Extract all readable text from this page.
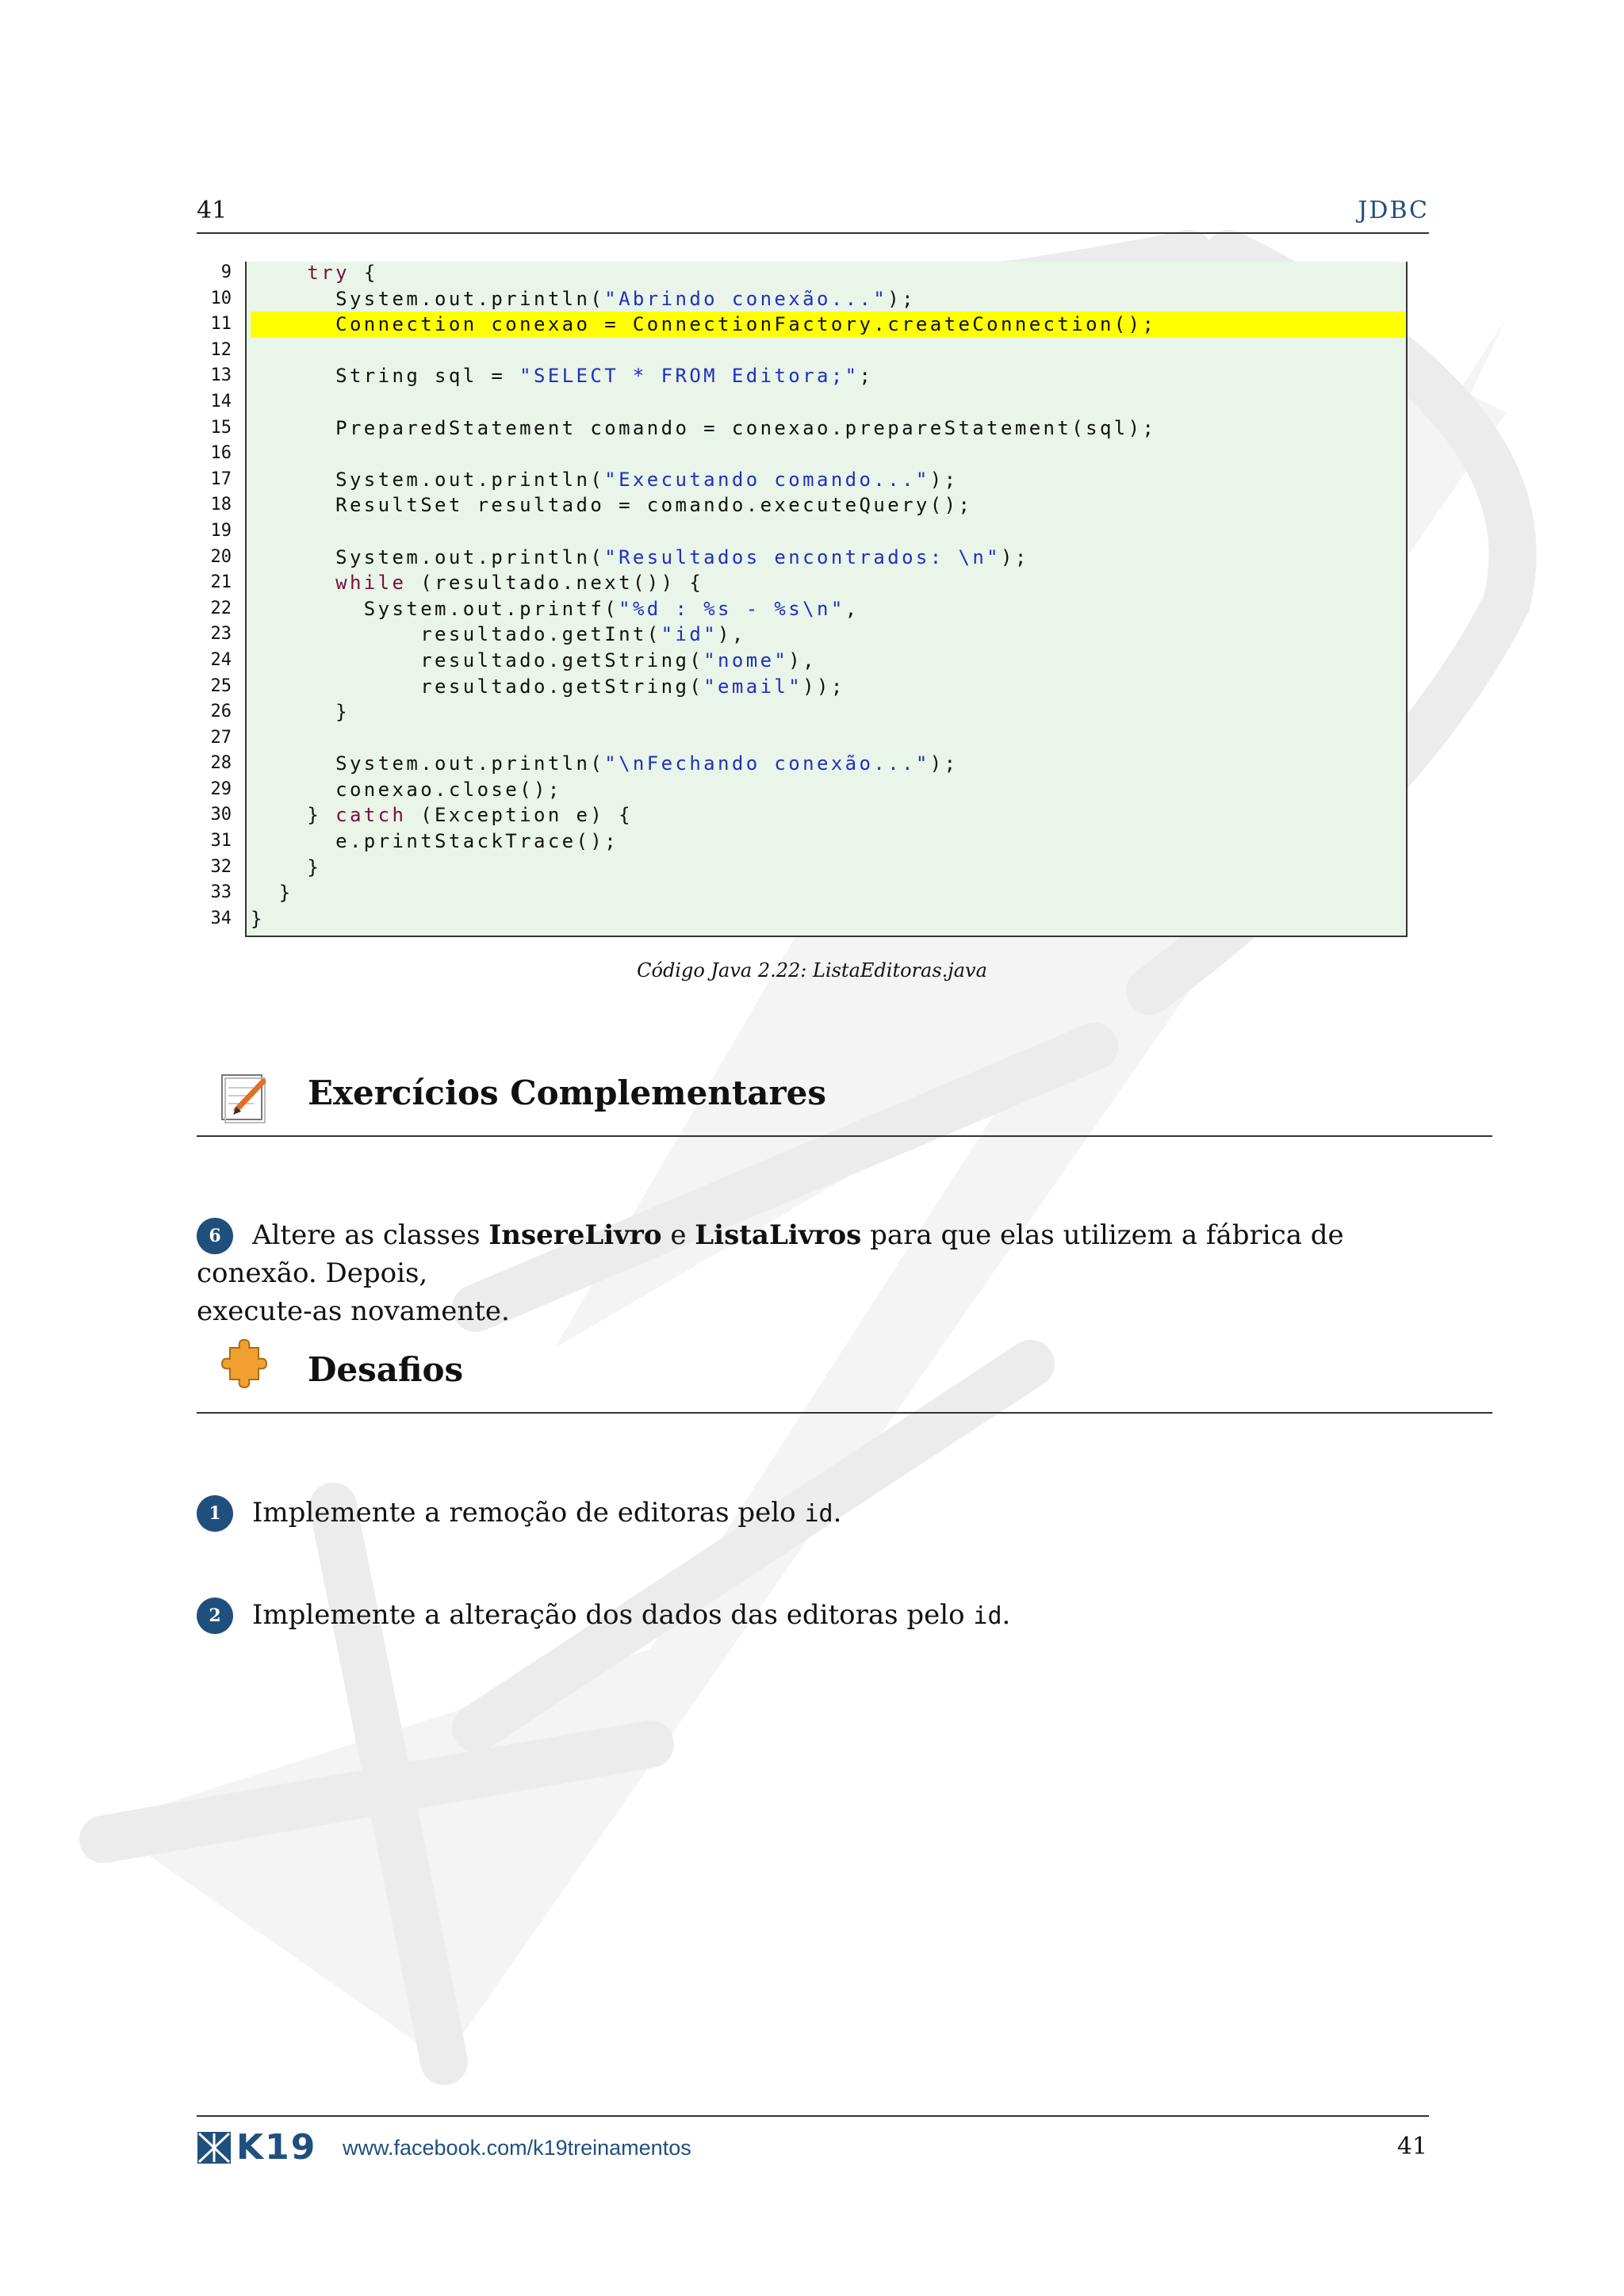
41	JDBC
9
10
11
12
13
14
15
16
17
18
19
20
21
22
23
24
25
26
27
28
29
30
31
32
33
34
try {
System.out.println("Abrindo conexão...");
Connection conexao = ConnectionFactory.createConnection();

String sql = "SELECT * FROM Editora;";

PreparedStatement comando = conexao.prepareStatement(sql);

System.out.println("Executando comando...");
ResultSet resultado = comando.executeQuery();

System.out.println("Resultados encontrados: \n");
while (resultado.next()) {
System.out.printf("%d : %s - %s\n",
resultado.getInt("id"),
resultado.getString("nome"),
resultado.getString("email"));
}

System.out.println("\nFechando conexão...");
conexao.close();
} catch (Exception e) {
e.printStackTrace();
}
}
}
Código Java 2.22: ListaEditoras.java
Exercícios Complementares
6	Altere as classes InsereLivro e ListaLivros para que elas utilizem a fábrica de conexão. Depois,
execute-as novamente.
Desafios
1	Implemente a remoção de editoras pelo id.
2	Implemente a alteração dos dados das editoras pelo id.
K19 www.facebook.com/k19treinamentos	41
